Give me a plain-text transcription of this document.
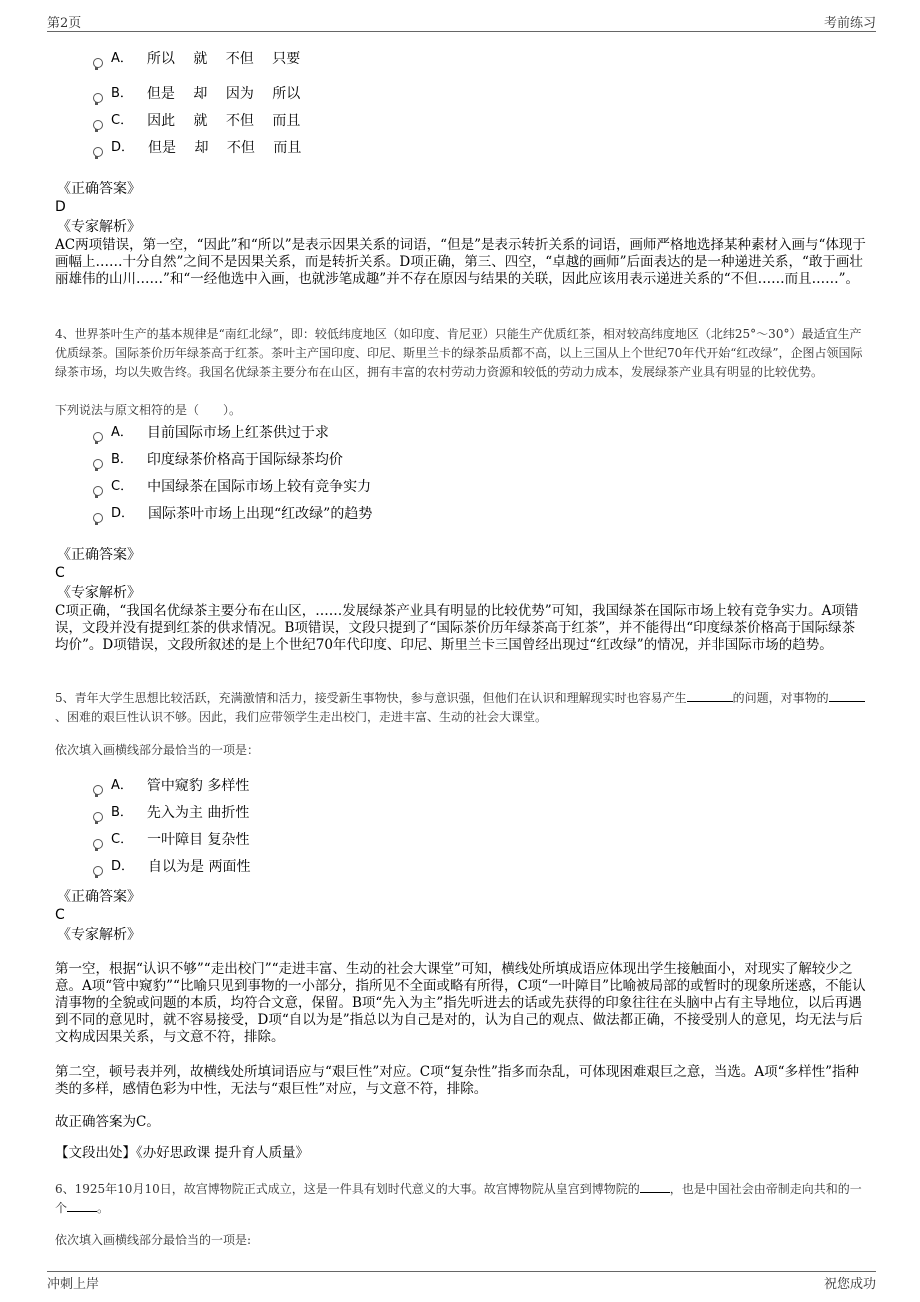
第2页	考前练习
A． 所以　 就　 不但　 只要
B． 但是　 却　 因为　 所以
C． 因此　 就　 不但　 而且
D． 但是　 却　 不但　 而且
《正确答案》
D
《专家解析》
AC两项错误，第一空，“因此”和“所以”是表示因果关系的词语，“但是”是表示转折关系的词语，画师严格地选择某种素材入画与“体现于画幅上……十分自然”之间不是因果关系，而是转折关系。D项正确，第三、四空，“卓越的画师”后面表达的是一种递进关系，“敢于画壮丽雄伟的山川……”和“一经他选中入画，也就涉笔成趣”并不存在原因与结果的关联，因此应该用表示递进关系的“不但……而且……”。
4、世界茶叶生产的基本规律是“南红北绿”，即：较低纬度地区（如印度、肯尼亚）只能生产优质红茶，相对较高纬度地区（北纬25°～30°）最适宜生产优质绿茶。国际茶价历年绿茶高于红茶。茶叶主产国印度、印尼、斯里兰卡的绿茶品质都不高，以上三国从上个世纪70年代开始“红改绿”，企图占领国际绿茶市场，均以失败告终。我国名优绿茶主要分布在山区，拥有丰富的农村劳动力资源和较低的劳动力成本，发展绿茶产业具有明显的比较优势。
下列说法与原文相符的是（　　）。
A． 目前国际市场上红茶供过于求
B． 印度绿茶价格高于国际绿茶均价
C． 中国绿茶在国际市场上较有竞争实力
D． 国际茶叶市场上出现“红改绿”的趋势
《正确答案》
C
《专家解析》
C项正确，“我国名优绿茶主要分布在山区，……发展绿茶产业具有明显的比较优势”可知，我国绿茶在国际市场上较有竞争实力。A项错误，文段并没有提到红茶的供求情况。B项错误，文段只提到了“国际茶价历年绿茶高于红茶”，并不能得出“印度绿茶价格高于国际绿茶均价”。D项错误，文段所叙述的是上个世纪70年代印度、印尼、斯里兰卡三国曾经出现过“红改绿”的情况，并非国际市场的趋势。
5、青年大学生思想比较活跃，充满激情和活力，接受新生事物快，参与意识强，但他们在认识和理解现实时也容易产生	的问题，对事物的、困难的艰巨性认识不够。因此，我们应带领学生走出校门，走进丰富、生动的社会大课堂。
依次填入画横线部分最恰当的一项是：
A． 管中窥豹 多样性
B． 先入为主 曲折性
C． 一叶障目 复杂性
D． 自以为是 两面性
《正确答案》
C
《专家解析》
第一空，根据“认识不够”“走出校门”“走进丰富、生动的社会大课堂”可知，横线处所填成语应体现出学生接触面小，对现实了解较少之意。A项“管中窥豹”“比喻只见到事物的一小部分，指所见不全面或略有所得，C项“一叶障目”比喻被局部的或暂时的现象所迷惑，不能认清事物的全貌或问题的本质，均符合文意，保留。B项“先入为主”指先听进去的话或先获得的印象往往在头脑中占有主导地位，以后再遇到不同的意见时，就不容易接受，D项“自以为是”指总以为自己是对的，认为自己的观点、做法都正确，不接受别人的意见，均无法与后文构成因果关系，与文意不符，排除。
第二空，顿号表并列，故横线处所填词语应与“艰巨性”对应。C项“复杂性”指多而杂乱，可体现困难艰巨之意，当选。A项“多样性”指种类的多样，感情色彩为中性，无法与“艰巨性”对应，与文意不符，排除。
故正确答案为C。
【文段出处】《办好思政课 提升育人质量》
6、1925年10月10日，故宫博物院正式成立，这是一件具有划时代意义的大事。故宫博物院从皇宫到博物院的	，也是中国社会由帝制走向共和的一个	。
依次填入画横线部分最恰当的一项是:
冲刺上岸	祝您成功
